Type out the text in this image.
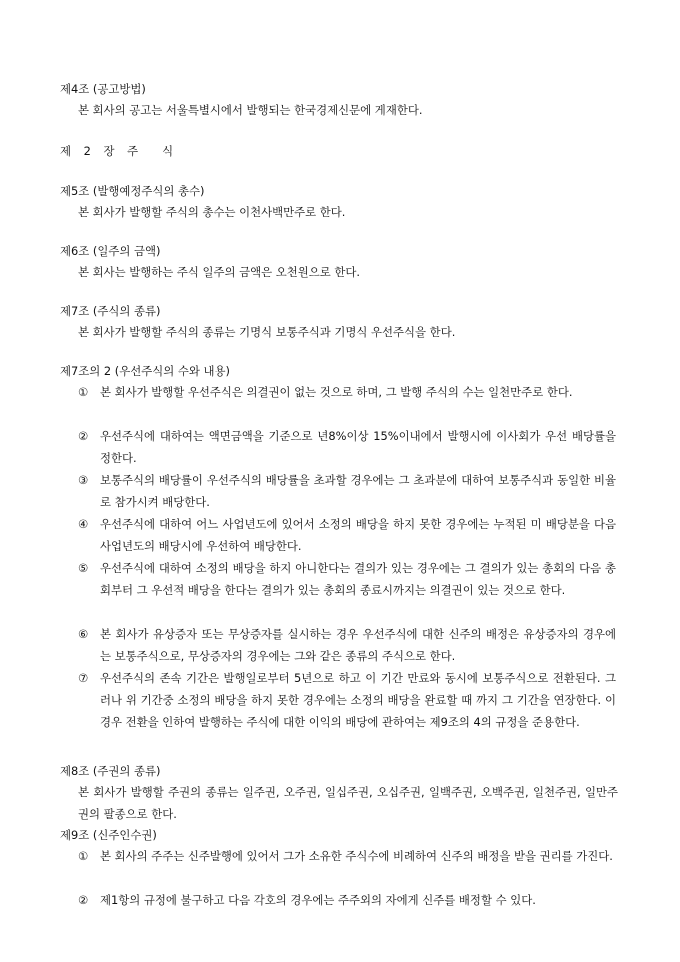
제4조 (공고방법)
본 회사의 공고는 서울특별시에서 발행되는 한국경제신문에 게재한다.
제 2 장 주 식
제5조 (발행예정주식의 총수)
본 회사가 발행할 주식의 총수는 이천사백만주로 한다.
제6조 (일주의 금액)
본 회사는 발행하는 주식 일주의 금액은 오천원으로 한다.
제7조 (주식의 종류)
본 회사가 발행할 주식의 종류는 기명식 보통주식과 기명식 우선주식을 한다.
제7조의 2 (우선주식의 수와 내용)
①	본 회사가 발행할 우선주식은 의결권이 없는 것으로 하며, 그 발행 주식의 수는 일천만주로 한다.
②	우선주식에 대하여는 액면금액을 기준으로 년8%이상 15%이내에서 발행시에 이사회가 우선 배당률을 정한다.
③	보통주식의 배당률이 우선주식의 배당률을 초과할 경우에는 그 초과분에 대하여 보통주식과 동일한 비율로 참가시켜 배당한다.
④	우선주식에 대하여 어느 사업년도에 있어서 소정의 배당을 하지 못한 경우에는 누적된 미 배당분을 다음 사업년도의 배당시에 우선하여 배당한다.
⑤	우선주식에 대하여 소정의 배당을 하지 아니한다는 결의가 있는 경우에는 그 결의가 있는 총회의 다음 총회부터 그 우선적 배당을 한다는 결의가 있는 총회의 종료시까지는 의결권이 있는 것으로 한다.
⑥	본 회사가 유상증자 또는 무상증자를 실시하는 경우 우선주식에 대한 신주의 배정은 유상증자의 경우에는 보통주식으로, 무상증자의 경우에는 그와 같은 종류의 주식으로 한다.
⑦	우선주식의 존속 기간은 발행일로부터 5년으로 하고 이 기간 만료와 동시에 보통주식으로 전환된다. 그러나 위 기간중 소정의 배당을 하지 못한 경우에는 소정의 배당을 완료할 때 까지 그 기간을 연장한다. 이 경우 전환을 인하여 발행하는 주식에 대한 이익의 배당에 관하여는 제9조의 4의 규정을 준용한다.
제8조 (주권의 종류)
본 회사가 발행할 주권의 종류는 일주권, 오주권, 일십주권, 오십주권, 일백주권, 오백주권, 일천주권, 일만주권의 팔종으로 한다.
제9조 (신주인수권)
①	본 회사의 주주는 신주발행에 있어서 그가 소유한 주식수에 비례하여 신주의 배정을 받을 권리를 가진다.
②	제1항의 규정에 불구하고 다음 각호의 경우에는 주주외의 자에게 신주를 배정할 수 있다.
